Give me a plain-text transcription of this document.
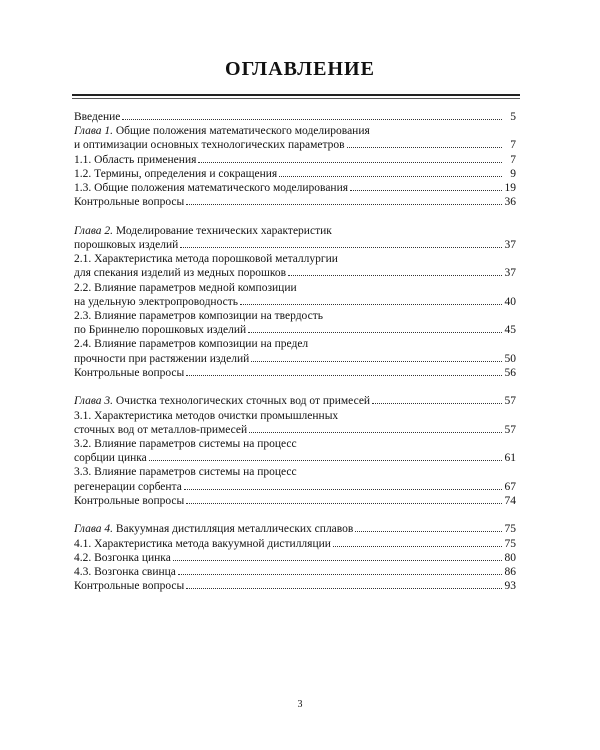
ОГЛАВЛЕНИЕ
Введение	5
Глава 1.
Общие положения математического моделирования
и оптимизации основных технологических параметров	7
1.1. Область применения	7
1.2. Термины, определения и сокращения	9
1.3. Общие положения математического моделирования	19
Контрольные вопросы	36
Глава 2.
Моделирование технических характеристик
порошковых изделий	37
2.1. Характеристика метода порошковой металлургии
для спекания изделий из медных порошков	37
2.2. Влияние параметров медной композиции
на удельную электропроводность	40
2.3. Влияние параметров композиции на твердость
по Бриннелю порошковых изделий	45
2.4. Влияние параметров композиции на предел
прочности при растяжении изделий	50
Контрольные вопросы	56
Глава 3.
Очистка технологических сточных вод от примесей	57
3.1. Характеристика методов очистки промышленных
сточных вод от металлов-примесей	57
3.2. Влияние параметров системы на процесс
сорбции цинка	61
3.3. Влияние параметров системы на процесс
регенерации сорбента	67
Контрольные вопросы	74
Глава 4.
Вакуумная дистилляция металлических сплавов	75
4.1. Характеристика метода вакуумной дистилляции	75
4.2. Возгонка цинка	80
4.3. Возгонка свинца	86
Контрольные вопросы	93
3
